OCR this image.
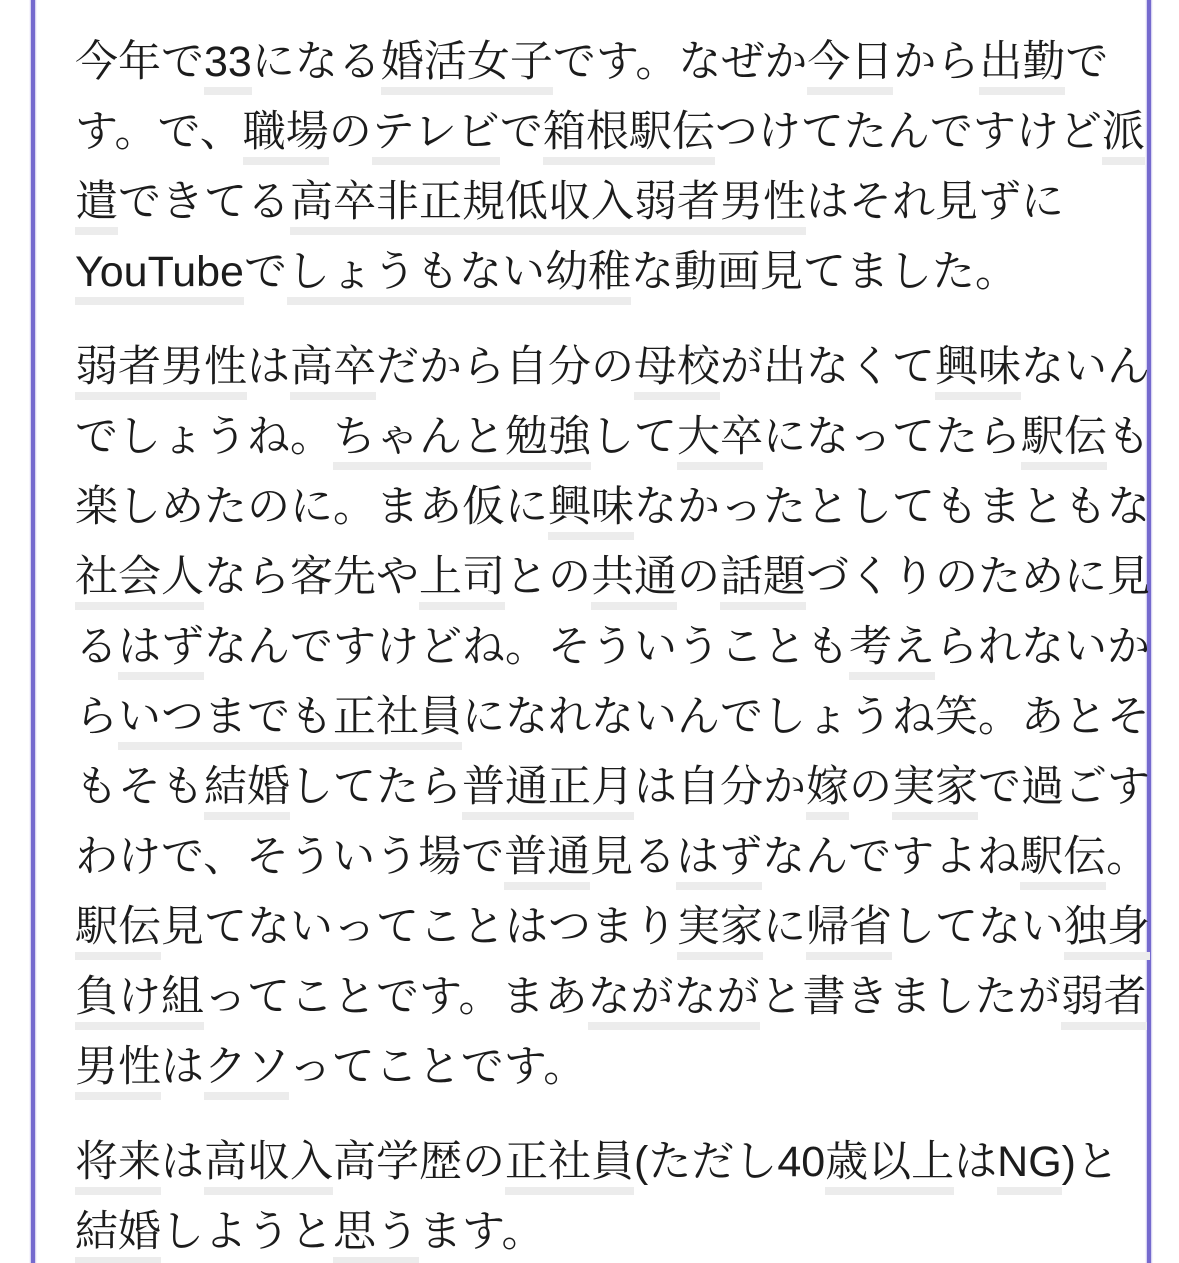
今年で33になる婚活女子です。なぜか今日から出勤で
す。で、職場のテレビで箱根駅伝つけてたんですけど派
遣できてる高卒非正規低収入弱者男性はそれ見ずに
YouTubeでしょうもない幼稚な動画見てました。
弱者男性は高卒だから自分の母校が出なくて興味ないん
でしょうね。ちゃんと勉強して大卒になってたら駅伝も
楽しめたのに。まあ仮に興味なかったとしてもまともな
社会人なら客先や上司との共通の話題づくりのために見
るはずなんですけどね。そういうことも考えられないか
らいつまでも正社員になれないんでしょうね笑。あとそ
もそも結婚してたら普通正月は自分か嫁の実家で過ごす
わけで、そういう場で普通見るはずなんですよね駅伝。
駅伝見てないってことはつまり実家に帰省してない独身
負け組ってことです。まあながながと書きましたが弱者
男性はクソってことです。
将来は高収入高学歴の正社員(ただし40歳以上はNG)と
結婚しようと思うます。
